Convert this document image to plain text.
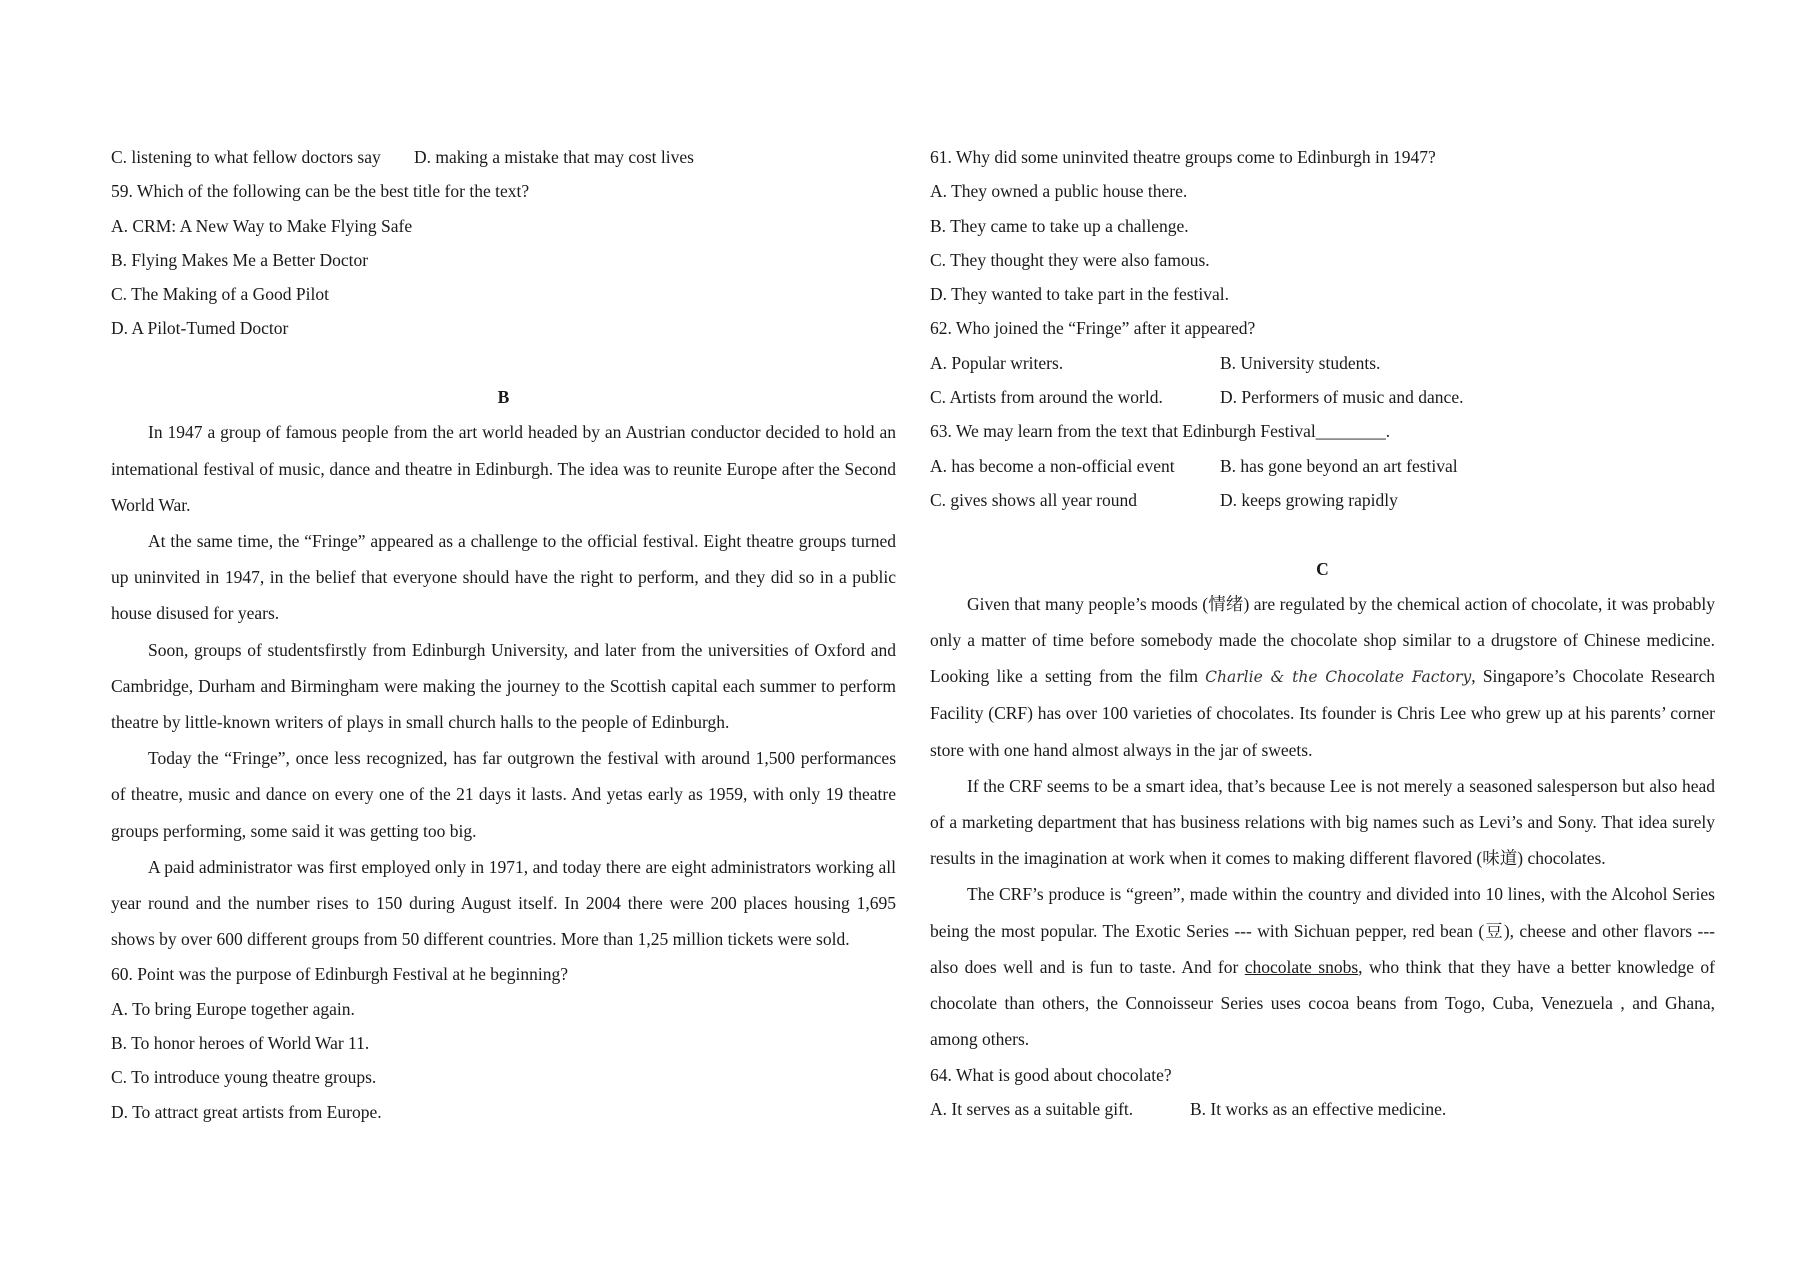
C. listening to what fellow doctors say D. making a mistake that may cost lives
59. Which of the following can be the best title for the text?
A. CRM: A New Way to Make Flying Safe
B. Flying Makes Me a Better Doctor
C. The Making of a Good Pilot
D. A Pilot-Tumed Doctor
B
In 1947 a group of famous people from the art world headed by an Austrian conductor decided to hold an intemational festival of music, dance and theatre in Edinburgh. The idea was to reunite Europe after the Second World War.
At the same time, the “Fringe” appeared as a challenge to the official festival. Eight theatre groups turned up uninvited in 1947, in the belief that everyone should have the right to perform, and they did so in a public house disused for years.
Soon, groups of studentsfirstly from Edinburgh University, and later from the universities of Oxford and Cambridge, Durham and Birmingham were making the journey to the Scottish capital each summer to perform theatre by little-known writers of plays in small church halls to the people of Edinburgh.
Today the “Fringe”, once less recognized, has far outgrown the festival with around 1,500 performances of theatre, music and dance on every one of the 21 days it lasts. And yetas early as 1959, with only 19 theatre groups performing, some said it was getting too big.
A paid administrator was first employed only in 1971, and today there are eight administrators working all year round and the number rises to 150 during August itself. In 2004 there were 200 places housing 1,695 shows by over 600 different groups from 50 different countries. More than 1,25 million tickets were sold.
60. Point was the purpose of Edinburgh Festival at he beginning?
A. To bring Europe together again.
B. To honor heroes of World War 11.
C. To introduce young theatre groups.
D. To attract great artists from Europe.
61. Why did some uninvited theatre groups come to Edinburgh in 1947?
A. They owned a public house there.
B. They came to take up a challenge.
C. They thought they were also famous.
D. They wanted to take part in the festival.
62. Who joined the “Fringe” after it appeared?
A. Popular writers.	B. University students.
C. Artists from around the world.	D. Performers of music and dance.
63. We may learn from the text that Edinburgh Festival________.
A. has become a non-official event	B. has gone beyond an art festival
C. gives shows all year round	D. keeps growing rapidly
C
Given that many people’s moods (情绪) are regulated by the chemical action of chocolate, it was probably only a matter of time before somebody made the chocolate shop similar to a drugstore of Chinese medicine. Looking like a setting from the film Charlie & the Chocolate Factory, Singapore’s Chocolate Research Facility (CRF) has over 100 varieties of chocolates. Its founder is Chris Lee who grew up at his parents’ corner store with one hand almost always in the jar of sweets.
If the CRF seems to be a smart idea, that’s because Lee is not merely a seasoned salesperson but also head of a marketing department that has business relations with big names such as Levi’s and Sony. That idea surely results in the imagination at work when it comes to making different flavored (味道) chocolates.
The CRF’s produce is “green”, made within the country and divided into 10 lines, with the Alcohol Series being the most popular. The Exotic Series --- with Sichuan pepper, red bean (豆), cheese and other flavors --- also does well and is fun to taste. And for chocolate snobs, who think that they have a better knowledge of chocolate than others, the Connoisseur Series uses cocoa beans from Togo, Cuba, Venezuela , and Ghana, among others.
64. What is good about chocolate?
A. It serves as a suitable gift.	B. It works as an effective medicine.
